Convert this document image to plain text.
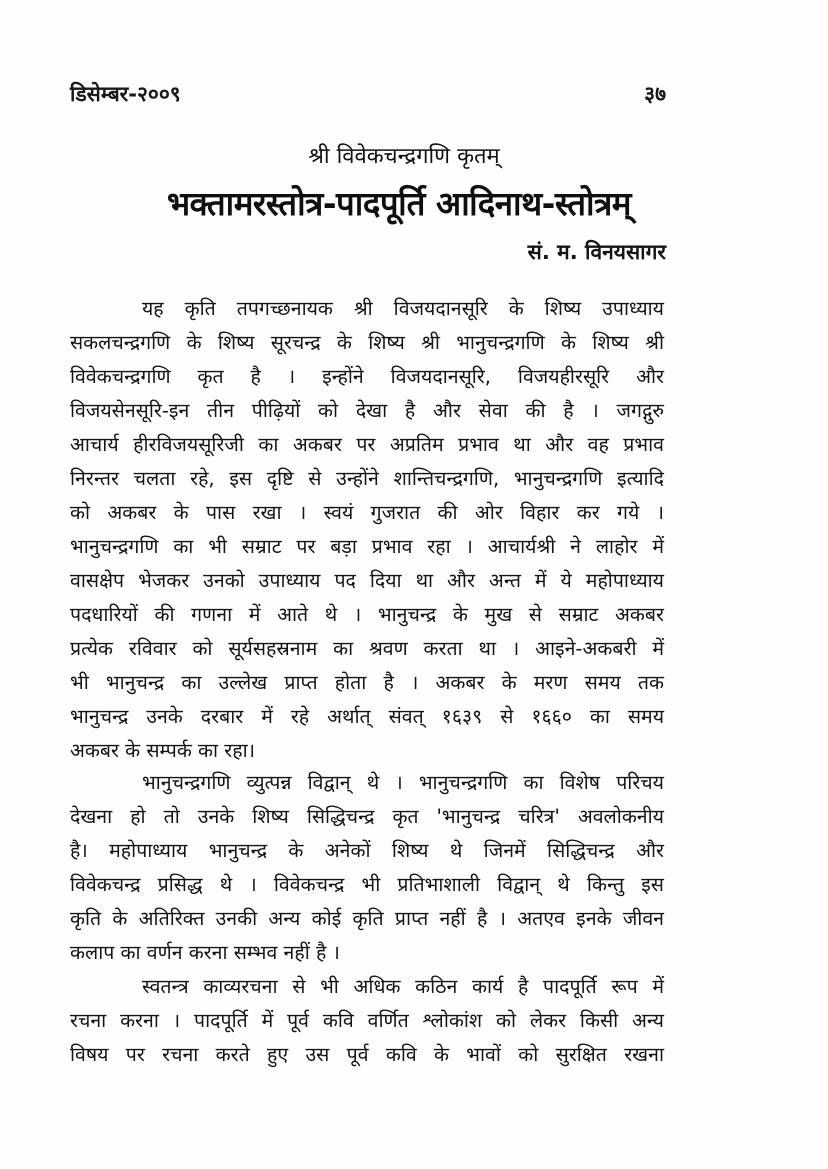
डिसेम्बर-२००९	३७
श्री विवेकचन्द्रगणि कृतम्
भक्तामरस्तोत्र-पादपूर्ति आदिनाथ-स्तोत्रम्
सं. म. विनयसागर
यह कृति तपगच्छनायक श्री विजयदानसूरि के शिष्य उपाध्याय
सकलचन्द्रगणि के शिष्य सूरचन्द्र के शिष्य श्री भानुचन्द्रगणि के शिष्य श्री
विवेकचन्द्रगणि कृत है । इन्होंने विजयदानसूरि, विजयहीरसूरि और
विजयसेनसूरि-इन तीन पीढ़ियों को देखा है और सेवा की है । जगद्गुरु
आचार्य हीरविजयसूरिजी का अकबर पर अप्रतिम प्रभाव था और वह प्रभाव
निरन्तर चलता रहे, इस दृष्टि से उन्होंने शान्तिचन्द्रगणि, भानुचन्द्रगणि इत्यादि
को अकबर के पास रखा । स्वयं गुजरात की ओर विहार कर गये ।
भानुचन्द्रगणि का भी सम्राट पर बड़ा प्रभाव रहा । आचार्यश्री ने लाहोर में
वासक्षेप भेजकर उनको उपाध्याय पद दिया था और अन्त में ये महोपाध्याय
पदधारियों की गणना में आते थे । भानुचन्द्र के मुख से सम्राट अकबर
प्रत्येक रविवार को सूर्यसहस्रनाम का श्रवण करता था । आइने-अकबरी में
भी भानुचन्द्र का उल्लेख प्राप्त होता है । अकबर के मरण समय तक
भानुचन्द्र उनके दरबार में रहे अर्थात् संवत् १६३९ से १६६० का समय
अकबर के सम्पर्क का रहा।
भानुचन्द्रगणि व्युत्पन्न विद्वान् थे । भानुचन्द्रगणि का विशेष परिचय
देखना हो तो उनके शिष्य सिद्धिचन्द्र कृत 'भानुचन्द्र चरित्र' अवलोकनीय
है। महोपाध्याय भानुचन्द्र के अनेकों शिष्य थे जिनमें सिद्धिचन्द्र और
विवेकचन्द्र प्रसिद्ध थे । विवेकचन्द्र भी प्रतिभाशाली विद्वान् थे किन्तु इस
कृति के अतिरिक्त उनकी अन्य कोई कृति प्राप्त नहीं है । अतएव इनके जीवन
कलाप का वर्णन करना सम्भव नहीं है ।
स्वतन्त्र काव्यरचना से भी अधिक कठिन कार्य है पादपूर्ति रूप में
रचना करना । पादपूर्ति में पूर्व कवि वर्णित श्लोकांश को लेकर किसी अन्य
विषय पर रचना करते हुए उस पूर्व कवि के भावों को सुरक्षित रखना
